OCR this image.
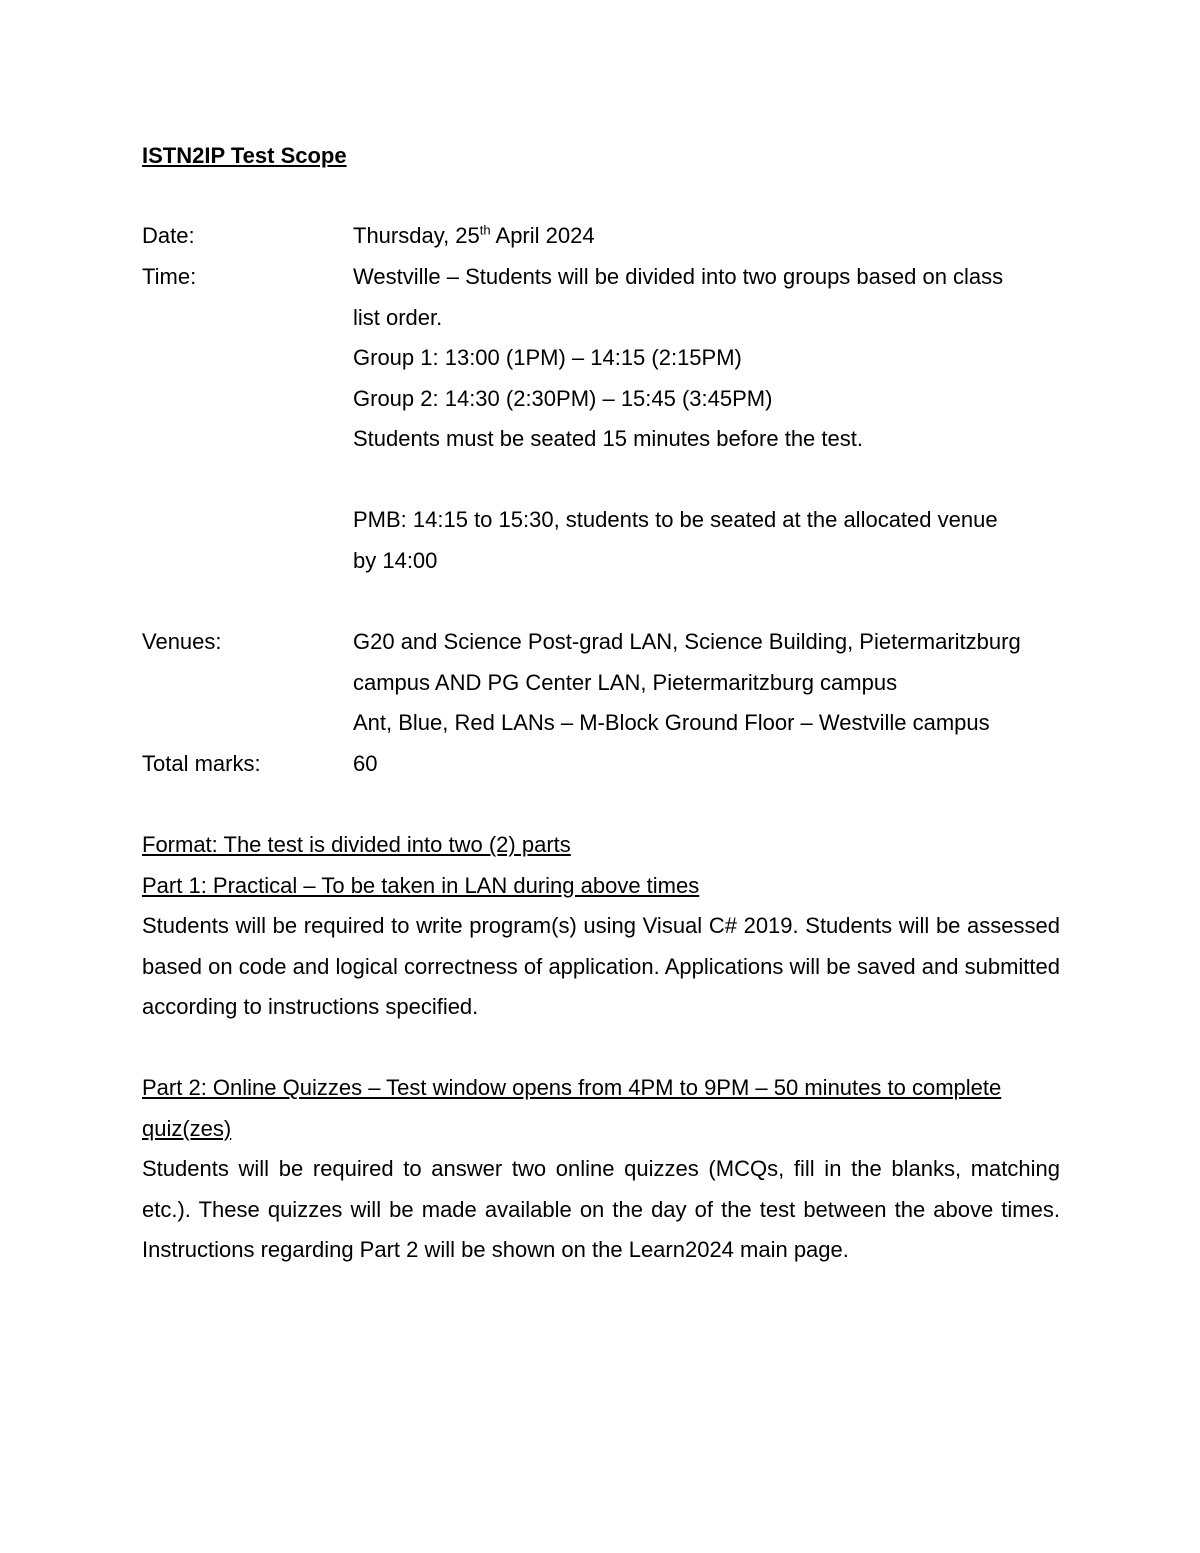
ISTN2IP Test Scope
Date:	Thursday, 25th April 2024
Time:	Westville – Students will be divided into two groups based on class
list order.
Group 1: 13:00 (1PM) – 14:15 (2:15PM)
Group 2: 14:30 (2:30PM) – 15:45 (3:45PM)
Students must be seated 15 minutes before the test.
PMB: 14:15 to 15:30, students to be seated at the allocated venue
by 14:00
Venues:	G20 and Science Post-grad LAN, Science Building, Pietermaritzburg
campus AND PG Center LAN, Pietermaritzburg campus
Ant, Blue, Red LANs – M-Block Ground Floor – Westville campus
Total marks:	60
Format: The test is divided into two (2) parts
Part 1: Practical – To be taken in LAN during above times
Students will be required to write program(s) using Visual C# 2019. Students will be assessed based on code and logical correctness of application. Applications will be saved and submitted according to instructions specified.
Part 2: Online Quizzes – Test window opens from 4PM to 9PM – 50 minutes to complete quiz(zes)
Students will be required to answer two online quizzes (MCQs, fill in the blanks, matching etc.). These quizzes will be made available on the day of the test between the above times. Instructions regarding Part 2 will be shown on the Learn2024 main page.
